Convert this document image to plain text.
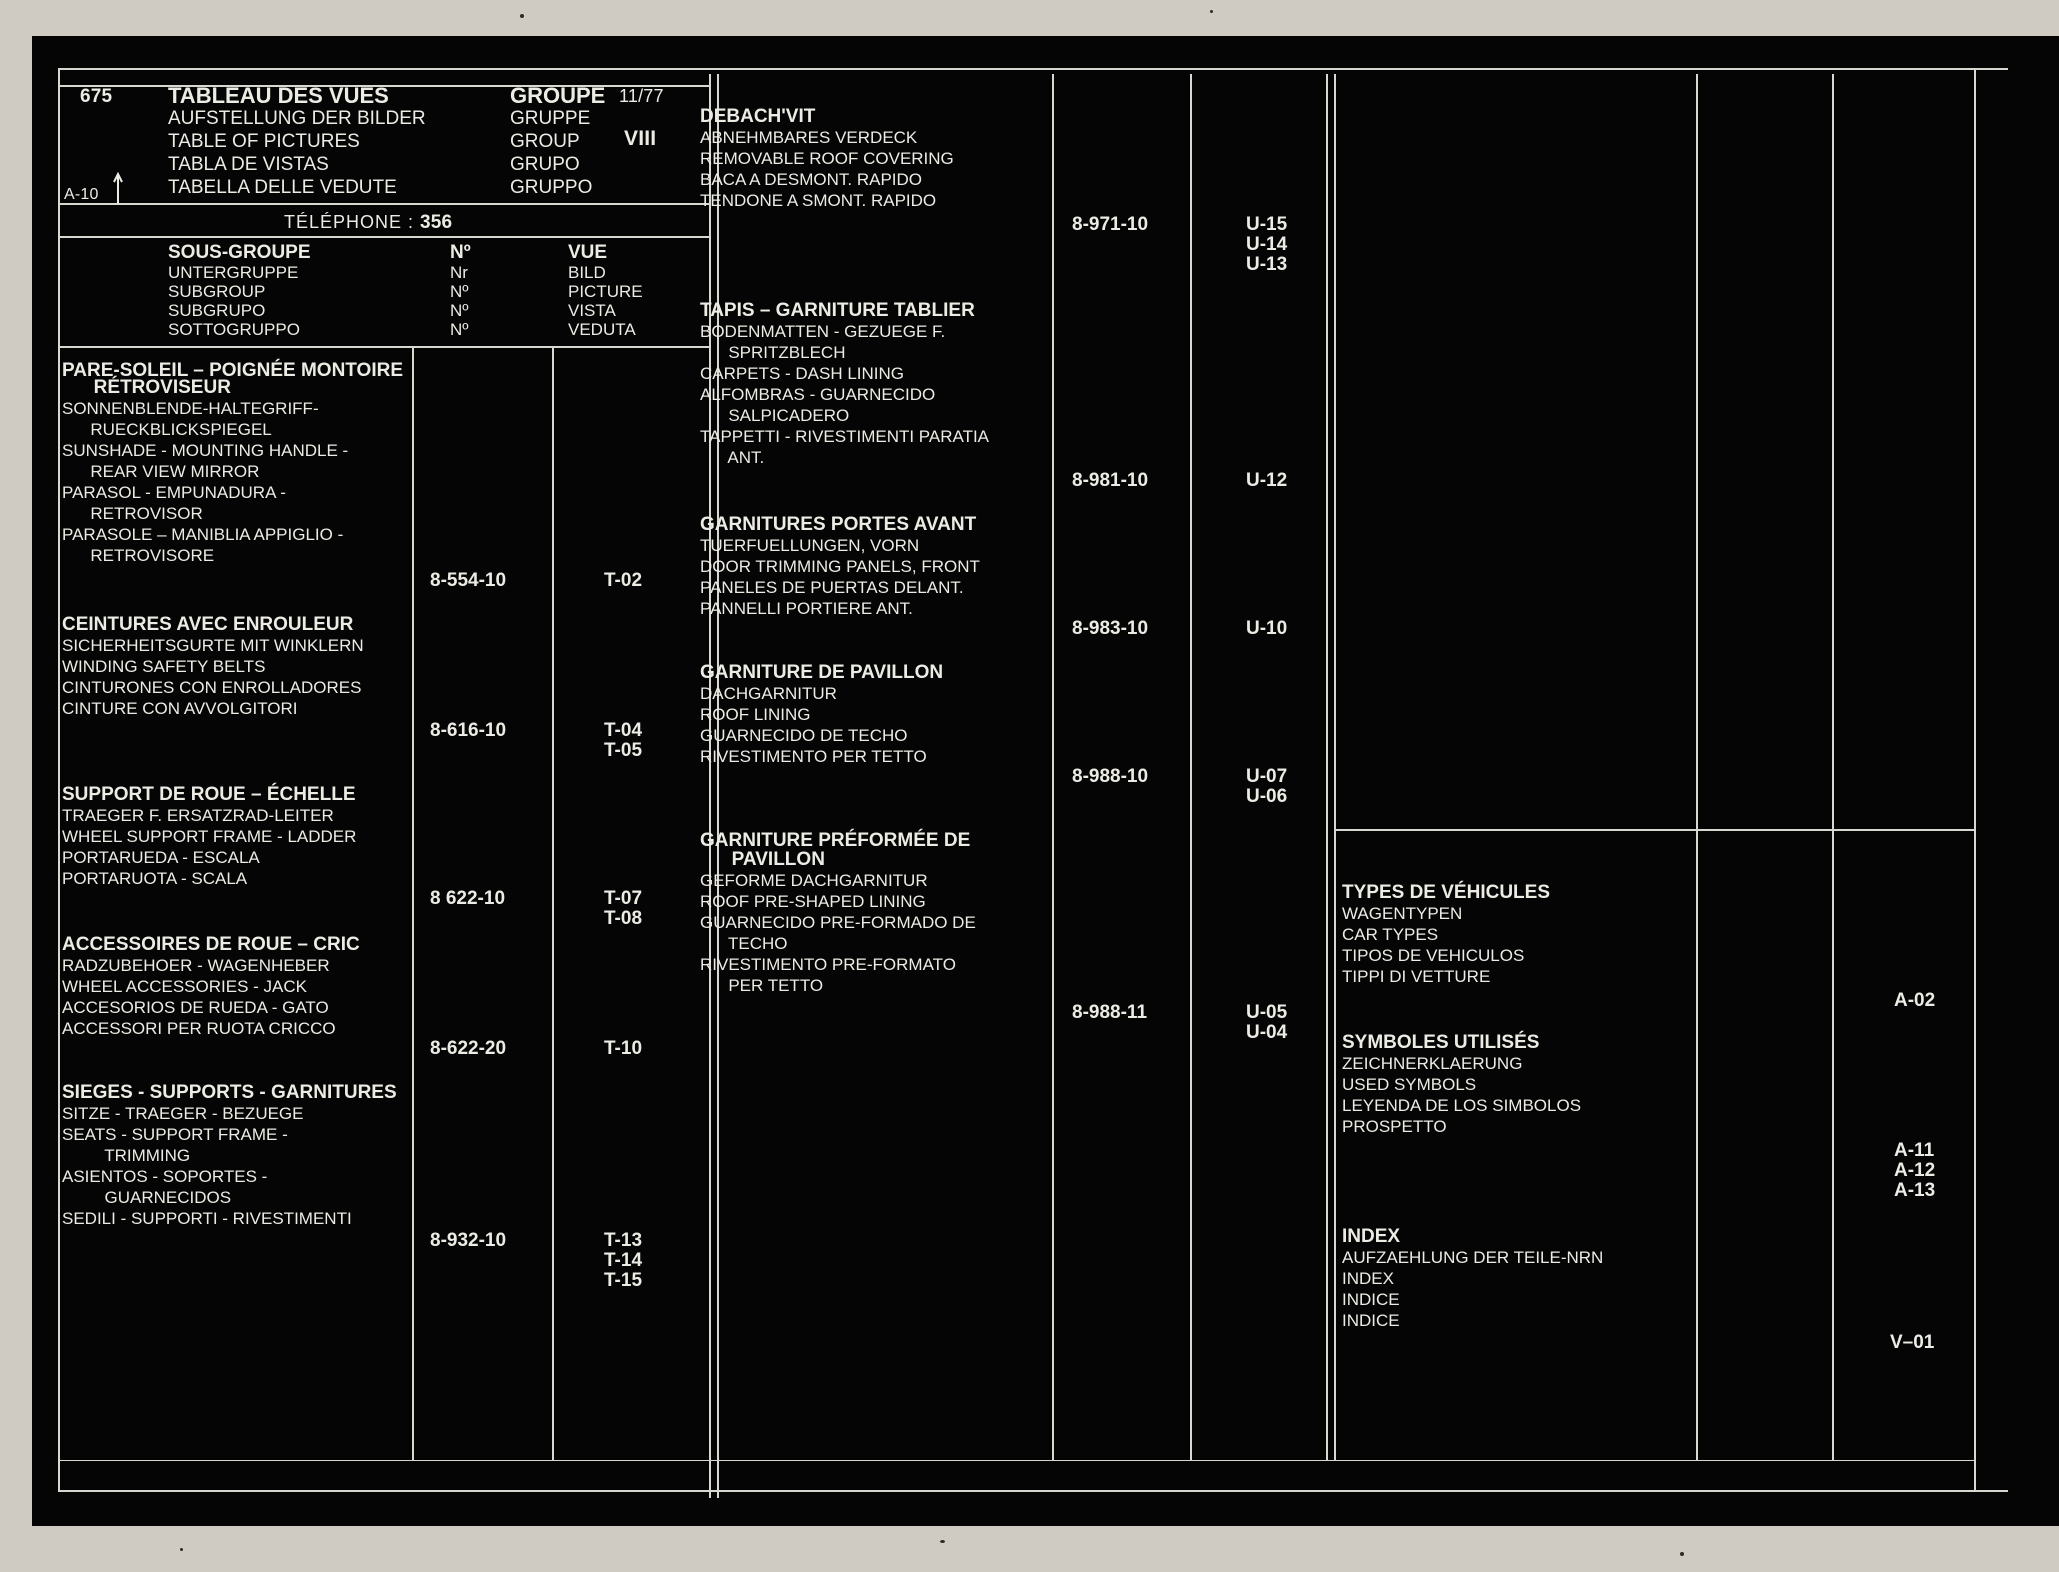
675	TABLEAU DES VUES
AUFSTELLUNG DER BILDER
TABLE OF PICTURES
TABLA DE VISTAS
TABELLA DELLE VEDUTE
GROUPE
GRUPPE
GROUP
GRUPO
GRUPPO
11/77
VIII
A-10
TÉLÉPHONE : 356
SOUS-GROUPE
UNTERGRUPPE
SUBGROUP
SUBGRUPO
SOTTOGRUPPO
Nº
Nr
Nº
Nº
Nº
VUE
BILD
PICTURE
VISTA
VEDUTA
PARE-SOLEIL – POIGNÉE MONTOIRE
RÉTROVISEUR
SONNENBLENDE-HALTEGRIFF-
RUECKBLICKSPIEGEL
SUNSHADE - MOUNTING HANDLE -
REAR VIEW MIRROR
PARASOL - EMPUNADURA -
RETROVISOR
PARASOLE – MANIBLIA APPIGLIO -
RETROVISORE
8-554-10	T-02
CEINTURES AVEC ENROULEUR
SICHERHEITSGURTE MIT WINKLERN
WINDING SAFETY BELTS
CINTURONES CON ENROLLADORES
CINTURE CON AVVOLGITORI
8-616-10	T-04
T-05
SUPPORT DE ROUE – ÉCHELLE
TRAEGER F. ERSATZRAD-LEITER
WHEEL SUPPORT FRAME - LADDER
PORTARUEDA - ESCALA
PORTARUOTA - SCALA
8 622-10	T-07
T-08
ACCESSOIRES DE ROUE – CRIC
RADZUBEHOER - WAGENHEBER
WHEEL ACCESSORIES - JACK
ACCESORIOS DE RUEDA - GATO
ACCESSORI PER RUOTA CRICCO
8-622-20	T-10
SIEGES - SUPPORTS - GARNITURES
SITZE - TRAEGER - BEZUEGE
SEATS - SUPPORT FRAME -
TRIMMING
ASIENTOS - SOPORTES -
GUARNECIDOS
SEDILI - SUPPORTI - RIVESTIMENTI
8-932-10	T-13
T-14
T-15
DEBACH'VIT
ABNEHMBARES VERDECK
REMOVABLE ROOF COVERING
BACA A DESMONT. RAPIDO
TENDONE A SMONT. RAPIDO
8-971-10	U-15
U-14
U-13
TAPIS – GARNITURE TABLIER
BODENMATTEN - GEZUEGE F.
SPRITZBLECH
CARPETS - DASH LINING
ALFOMBRAS - GUARNECIDO
SALPICADERO
TAPPETTI - RIVESTIMENTI PARATIA
ANT.
8-981-10	U-12
GARNITURES PORTES AVANT
TUERFUELLUNGEN, VORN
DOOR TRIMMING PANELS, FRONT
PANELES DE PUERTAS DELANT.
PANNELLI PORTIERE ANT.
8-983-10	U-10
GARNITURE DE PAVILLON
DACHGARNITUR
ROOF LINING
GUARNECIDO DE TECHO
RIVESTIMENTO PER TETTO
8-988-10	U-07
U-06
GARNITURE PRÉFORMÉE DE
PAVILLON
GEFORME DACHGARNITUR
ROOF PRE-SHAPED LINING
GUARNECIDO PRE-FORMADO DE
TECHO
RIVESTIMENTO PRE-FORMATO
PER TETTO
8-988-11	U-05
U-04
TYPES DE VÉHICULES
WAGENTYPEN
CAR TYPES
TIPOS DE VEHICULOS
TIPPI DI VETTURE
A-02
SYMBOLES UTILISÉS
ZEICHNERKLAERUNG
USED SYMBOLS
LEYENDA DE LOS SIMBOLOS
PROSPETTO
A-11
A-12
A-13
INDEX
AUFZAEHLUNG DER TEILE-NRN
INDEX
INDICE
INDICE
V–01
